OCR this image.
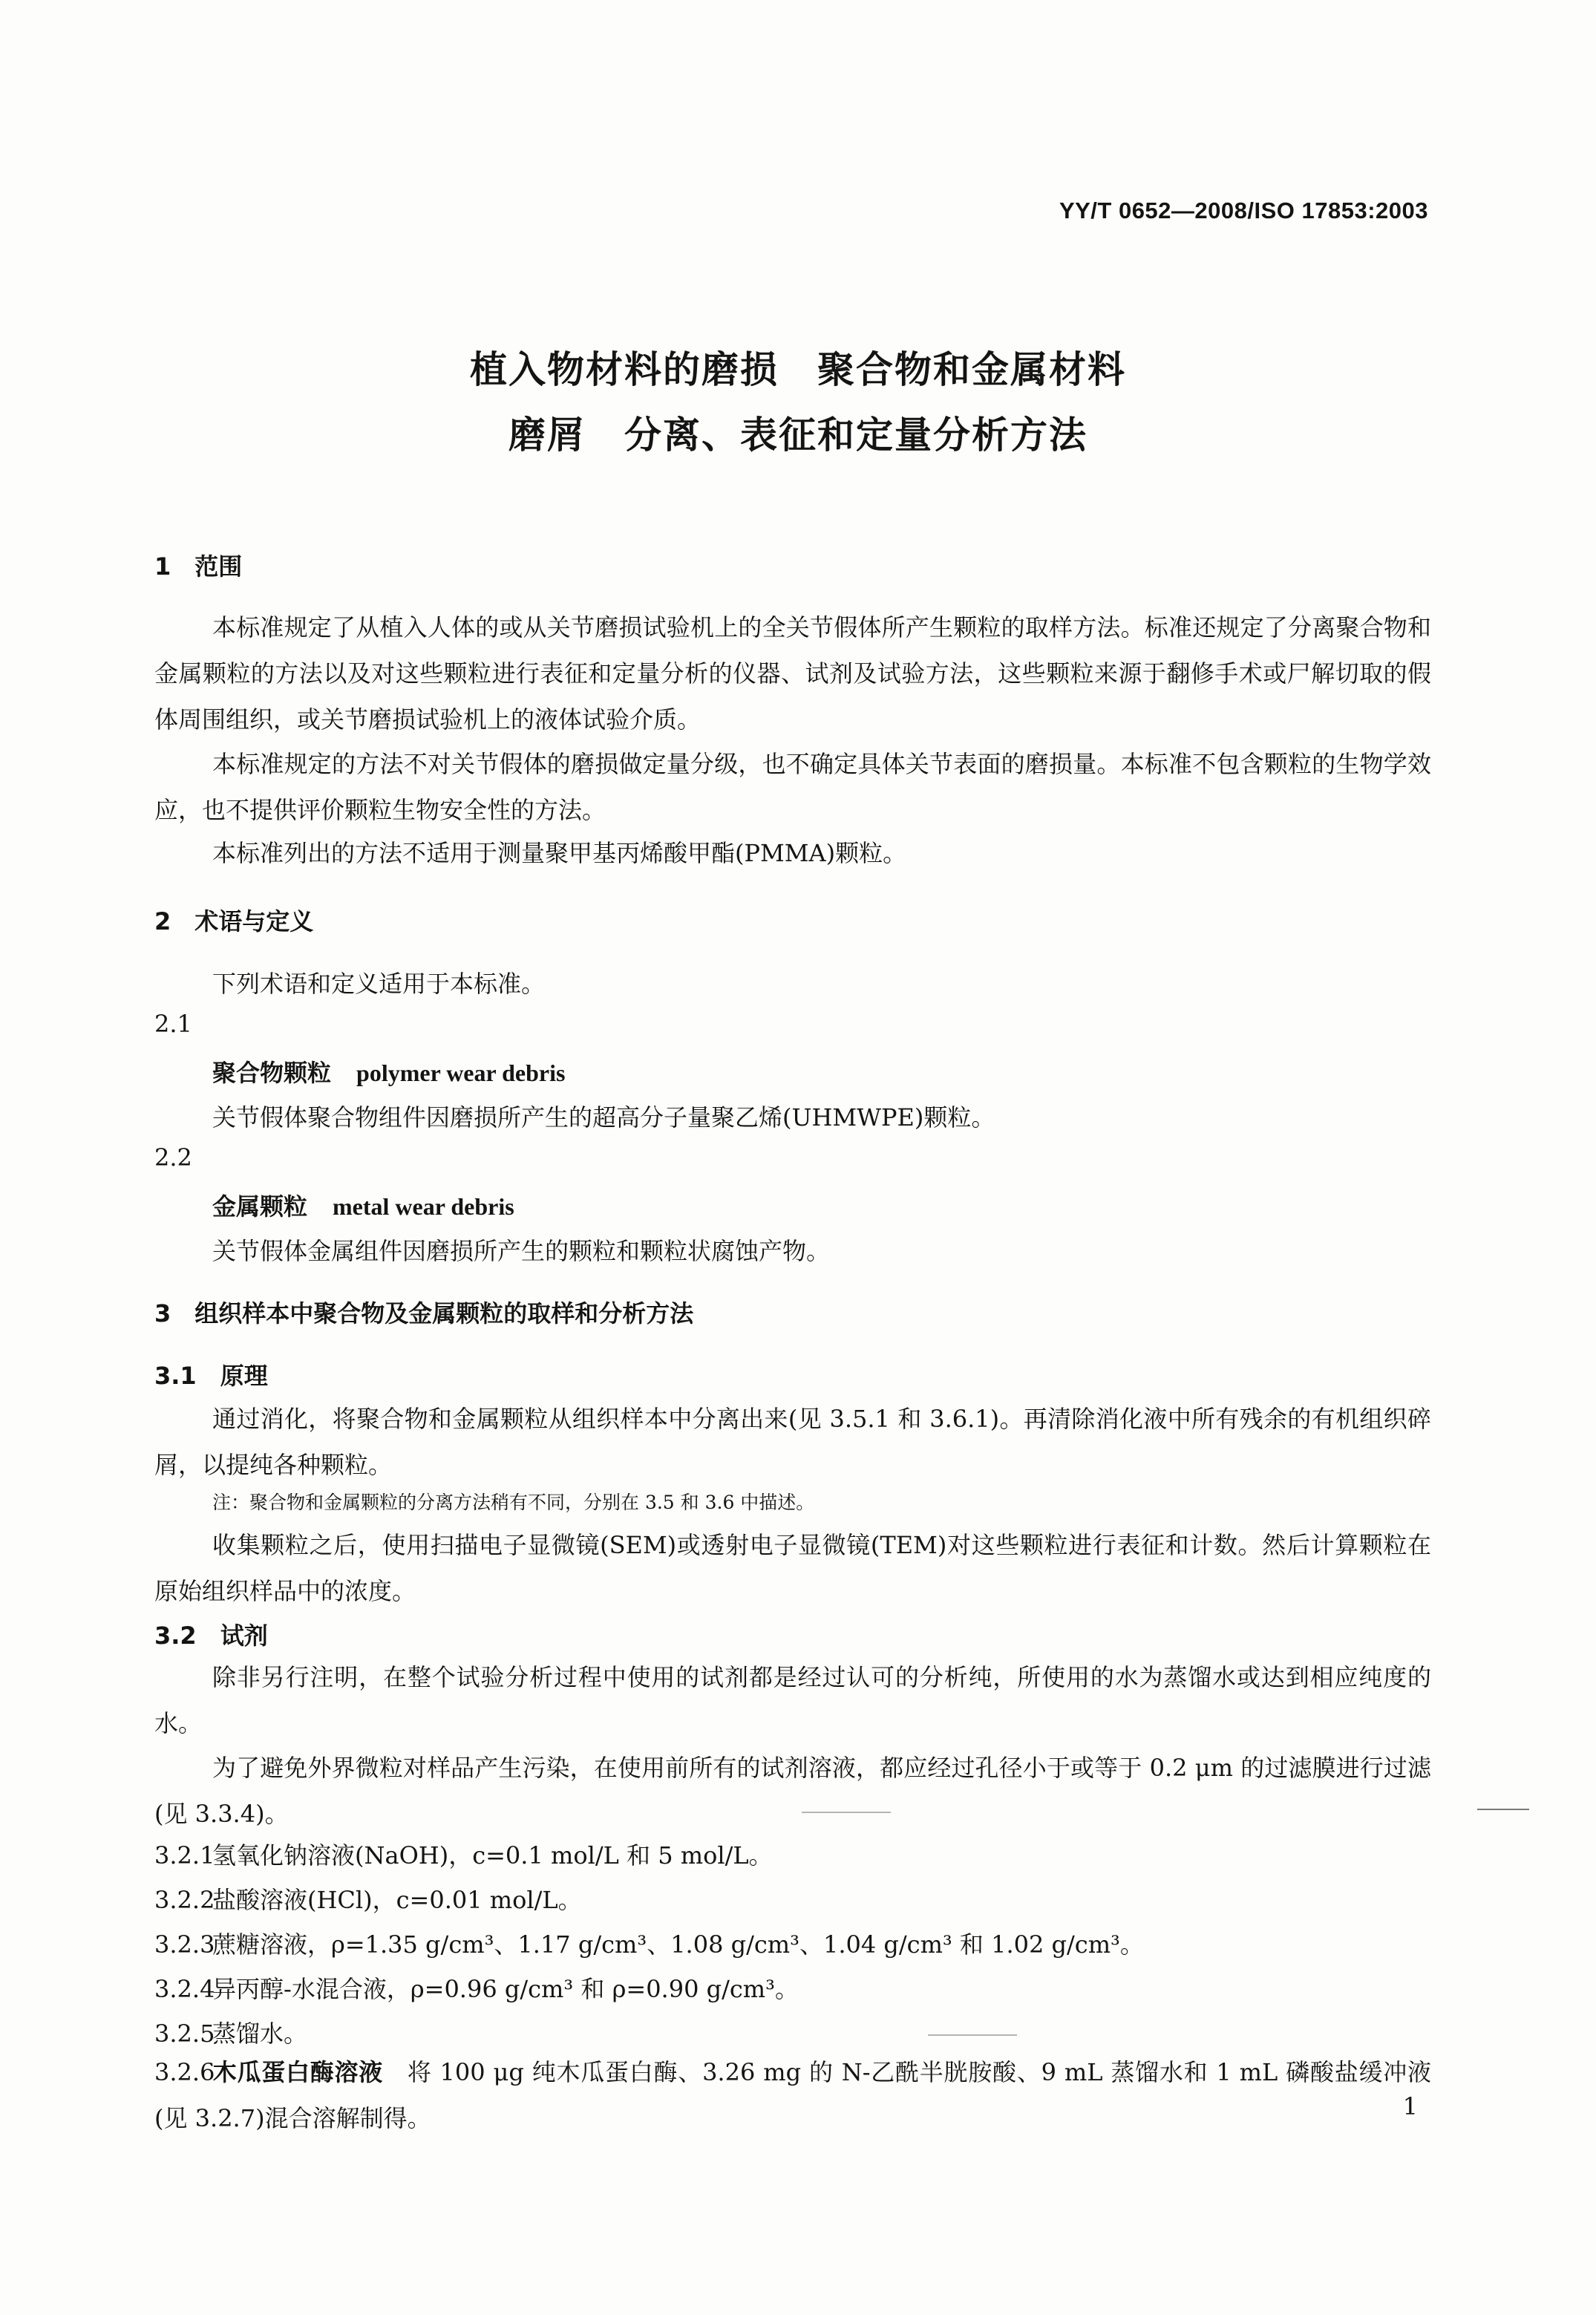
YY/T 0652—2008/ISO 17853:2003
植入物材料的磨损　聚合物和金属材料
磨屑　分离、表征和定量分析方法
1　范围
本标准规定了从植入人体的或从关节磨损试验机上的全关节假体所产生颗粒的取样方法。标准还规定了分离聚合物和金属颗粒的方法以及对这些颗粒进行表征和定量分析的仪器、试剂及试验方法，这些颗粒来源于翻修手术或尸解切取的假体周围组织，或关节磨损试验机上的液体试验介质。
本标准规定的方法不对关节假体的磨损做定量分级，也不确定具体关节表面的磨损量。本标准不包含颗粒的生物学效应，也不提供评价颗粒生物安全性的方法。
本标准列出的方法不适用于测量聚甲基丙烯酸甲酯(PMMA)颗粒。
2　术语与定义
下列术语和定义适用于本标准。
2.1
聚合物颗粒 polymer wear debris
关节假体聚合物组件因磨损所产生的超高分子量聚乙烯(UHMWPE)颗粒。
2.2
金属颗粒 metal wear debris
关节假体金属组件因磨损所产生的颗粒和颗粒状腐蚀产物。
3　组织样本中聚合物及金属颗粒的取样和分析方法
3.1　原理
通过消化，将聚合物和金属颗粒从组织样本中分离出来(见 3.5.1 和 3.6.1)。再清除消化液中所有残余的有机组织碎屑，以提纯各种颗粒。
注：聚合物和金属颗粒的分离方法稍有不同，分别在 3.5 和 3.6 中描述。
收集颗粒之后，使用扫描电子显微镜(SEM)或透射电子显微镜(TEM)对这些颗粒进行表征和计数。然后计算颗粒在原始组织样品中的浓度。
3.2　试剂
除非另行注明，在整个试验分析过程中使用的试剂都是经过认可的分析纯，所使用的水为蒸馏水或达到相应纯度的水。
为了避免外界微粒对样品产生污染，在使用前所有的试剂溶液，都应经过孔径小于或等于 0.2 μm 的过滤膜进行过滤(见 3.3.4)。
3.2.1氢氧化钠溶液(NaOH)，c=0.1 mol/L 和 5 mol/L。
3.2.2盐酸溶液(HCl)，c=0.01 mol/L。
3.2.3蔗糖溶液，ρ=1.35 g/cm³、1.17 g/cm³、1.08 g/cm³、1.04 g/cm³ 和 1.02 g/cm³。
3.2.4异丙醇-水混合液，ρ=0.96 g/cm³ 和 ρ=0.90 g/cm³。
3.2.5蒸馏水。
3.2.6木瓜蛋白酶溶液　 将 100 μg 纯木瓜蛋白酶、3.26 mg 的 N-乙酰半胱胺酸、9 mL 蒸馏水和 1 mL 磷酸盐缓冲液(见 3.2.7)混合溶解制得。	1
